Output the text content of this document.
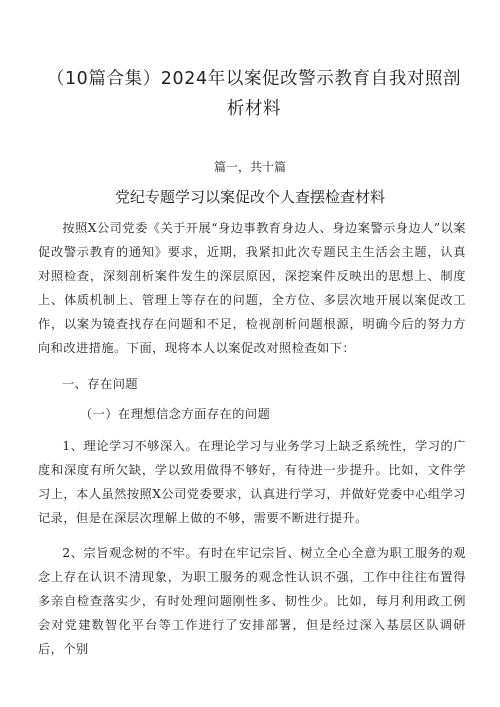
（10篇合集）2024年以案促改警示教育自我对照剖析材料
篇一，共十篇
党纪专题学习以案促改个人查摆检查材料

按照X公司党委《关于开展“身边事教育身边人、身边案警示身边人”以案促改警示教育的通知》要求，近期，我紧扣此次专题民主生活会主题，认真对照检查，深刻剖析案件发生的深层原因，深挖案件反映出的思想上、制度上、体质机制上、管理上等存在的问题，全方位、多层次地开展以案促改工作，以案为镜查找存在问题和不足，检视剖析问题根源，明确今后的努力方向和改进措施。下面，现将本人以案促改对照检查如下：

一、存在问题
（一）在理想信念方面存在的问题

1、理论学习不够深入。在理论学习与业务学习上缺乏系统性，学习的广度和深度有所欠缺，学以致用做得不够好，有待进一步提升。比如，文件学习上，本人虽然按照X公司党委要求，认真进行学习，并做好党委中心组学习记录，但是在深层次理解上做的不够，需要不断进行提升。

2、宗旨观念树的不牢。有时在牢记宗旨、树立全心全意为职工服务的观念上存在认识不清现象，为职工服务的观念性认识不强，工作中往往布置得多亲自检查落实少，有时处理问题刚性多、韧性少。比如，每月利用政工例会对党建数智化平台等工作进行了安排部署，但是经过深入基层区队调研后，个别
